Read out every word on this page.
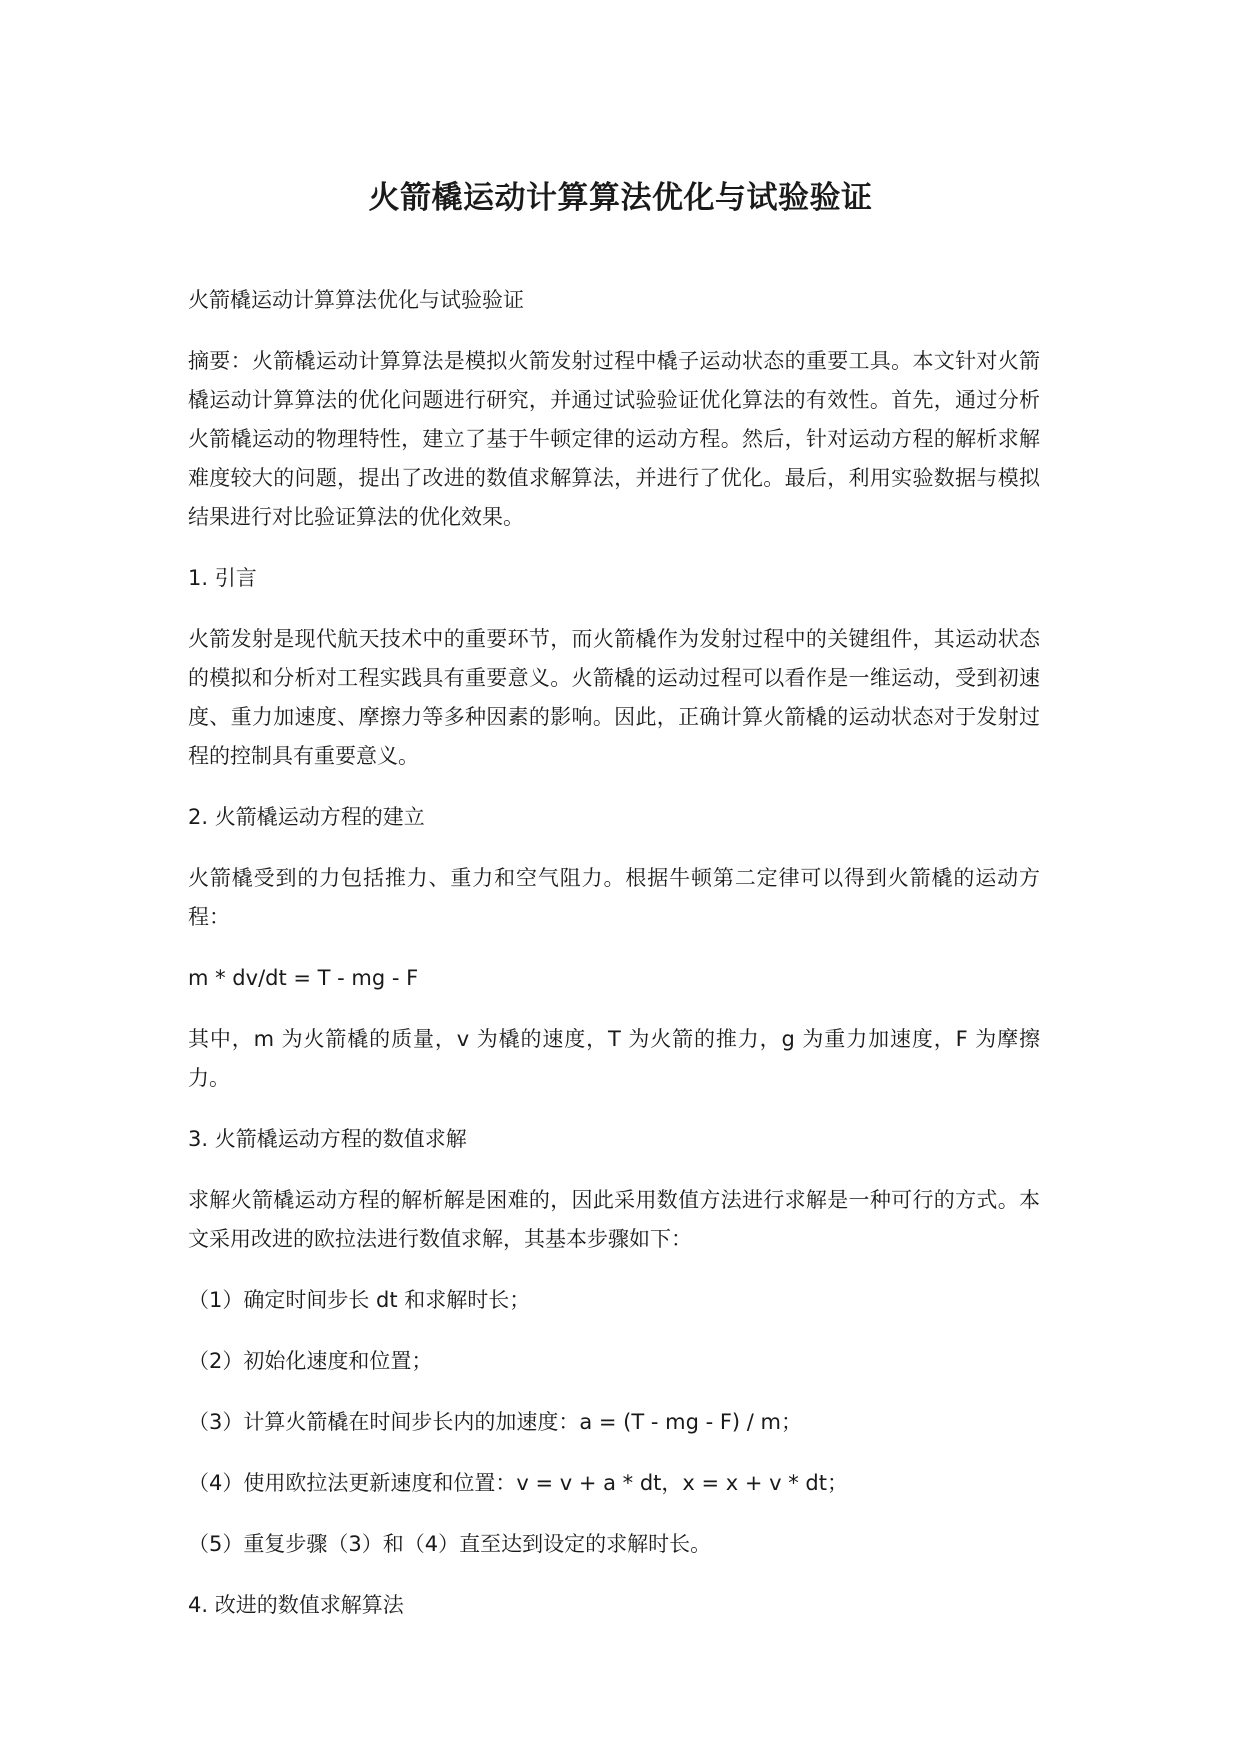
火箭橇运动计算算法优化与试验验证

火箭橇运动计算算法优化与试验验证

摘要：火箭橇运动计算算法是模拟火箭发射过程中橇子运动状态的重要工具。本文针对火箭橇运动计算算法的优化问题进行研究，并通过试验验证优化算法的有效性。首先，通过分析火箭橇运动的物理特性，建立了基于牛顿定律的运动方程。然后，针对运动方程的解析求解难度较大的问题，提出了改进的数值求解算法，并进行了优化。最后，利用实验数据与模拟结果进行对比验证算法的优化效果。

1. 引言

火箭发射是现代航天技术中的重要环节，而火箭橇作为发射过程中的关键组件，其运动状态的模拟和分析对工程实践具有重要意义。火箭橇的运动过程可以看作是一维运动，受到初速度、重力加速度、摩擦力等多种因素的影响。因此，正确计算火箭橇的运动状态对于发射过程的控制具有重要意义。

2. 火箭橇运动方程的建立

火箭橇受到的力包括推力、重力和空气阻力。根据牛顿第二定律可以得到火箭橇的运动方程：

m * dv/dt = T - mg - F

其中，m 为火箭橇的质量，v 为橇的速度，T 为火箭的推力，g 为重力加速度，F 为摩擦力。

3. 火箭橇运动方程的数值求解

求解火箭橇运动方程的解析解是困难的，因此采用数值方法进行求解是一种可行的方式。本文采用改进的欧拉法进行数值求解，其基本步骤如下：

（1）确定时间步长 dt 和求解时长；

（2）初始化速度和位置；

（3）计算火箭橇在时间步长内的加速度：a = (T - mg - F) / m；

（4）使用欧拉法更新速度和位置：v = v + a * dt，x = x + v * dt；

（5）重复步骤（3）和（4）直至达到设定的求解时长。

4. 改进的数值求解算法
